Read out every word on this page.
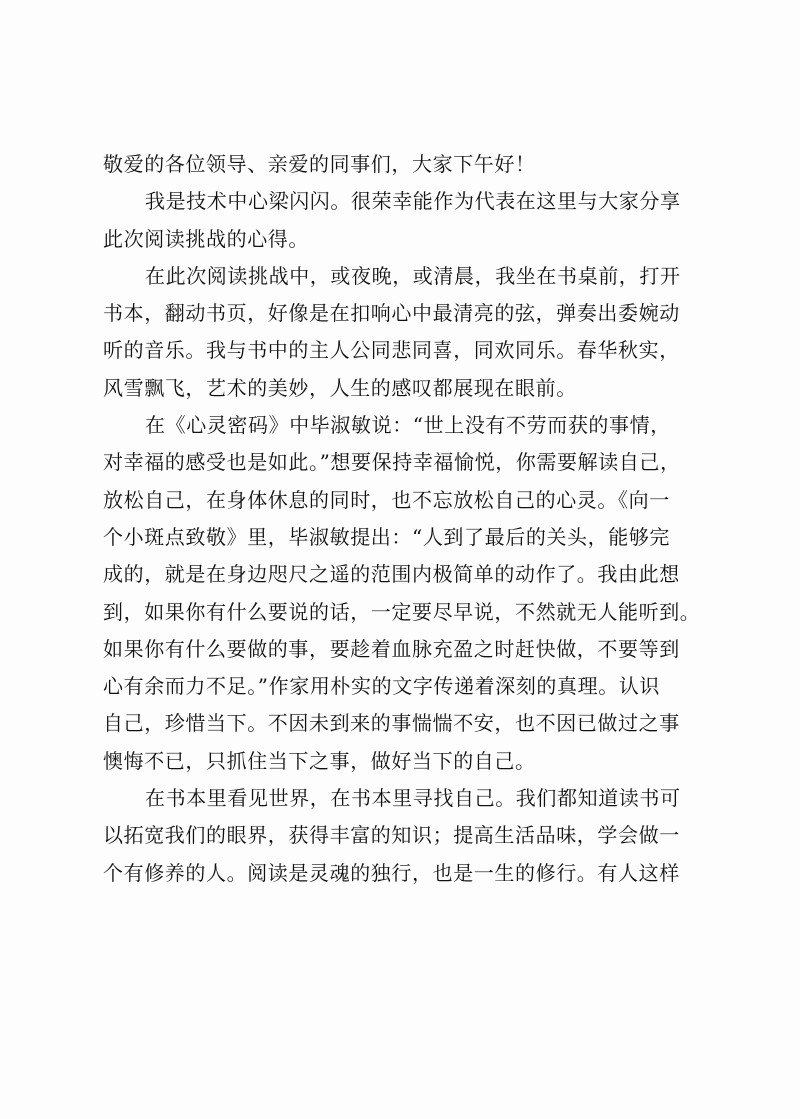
敬爱的各位领导、亲爱的同事们，大家下午好！
我是技术中心梁闪闪。很荣幸能作为代表在这里与大家分享
此次阅读挑战的心得。
在此次阅读挑战中，或夜晚，或清晨，我坐在书桌前，打开
书本，翻动书页，好像是在扣响心中最清亮的弦，弹奏出委婉动
听的音乐。我与书中的主人公同悲同喜，同欢同乐。春华秋实，
风雪飘飞，艺术的美妙，人生的感叹都展现在眼前。
在《心灵密码》中毕淑敏说：“世上没有不劳而获的事情，
对幸福的感受也是如此。”想要保持幸福愉悦，你需要解读自己，
放松自己，在身体休息的同时，也不忘放松自己的心灵。《向一
个小斑点致敬》里，毕淑敏提出：“人到了最后的关头，能够完
成的，就是在身边咫尺之遥的范围内极简单的动作了。我由此想
到，如果你有什么要说的话，一定要尽早说，不然就无人能听到。
如果你有什么要做的事，要趁着血脉充盈之时赶快做，不要等到
心有余而力不足。”作家用朴实的文字传递着深刻的真理。认识
自己，珍惜当下。不因未到来的事惴惴不安，也不因已做过之事
懊悔不已，只抓住当下之事，做好当下的自己。
在书本里看见世界，在书本里寻找自己。我们都知道读书可
以拓宽我们的眼界，获得丰富的知识；提高生活品味，学会做一
个有修养的人。阅读是灵魂的独行，也是一生的修行。有人这样
